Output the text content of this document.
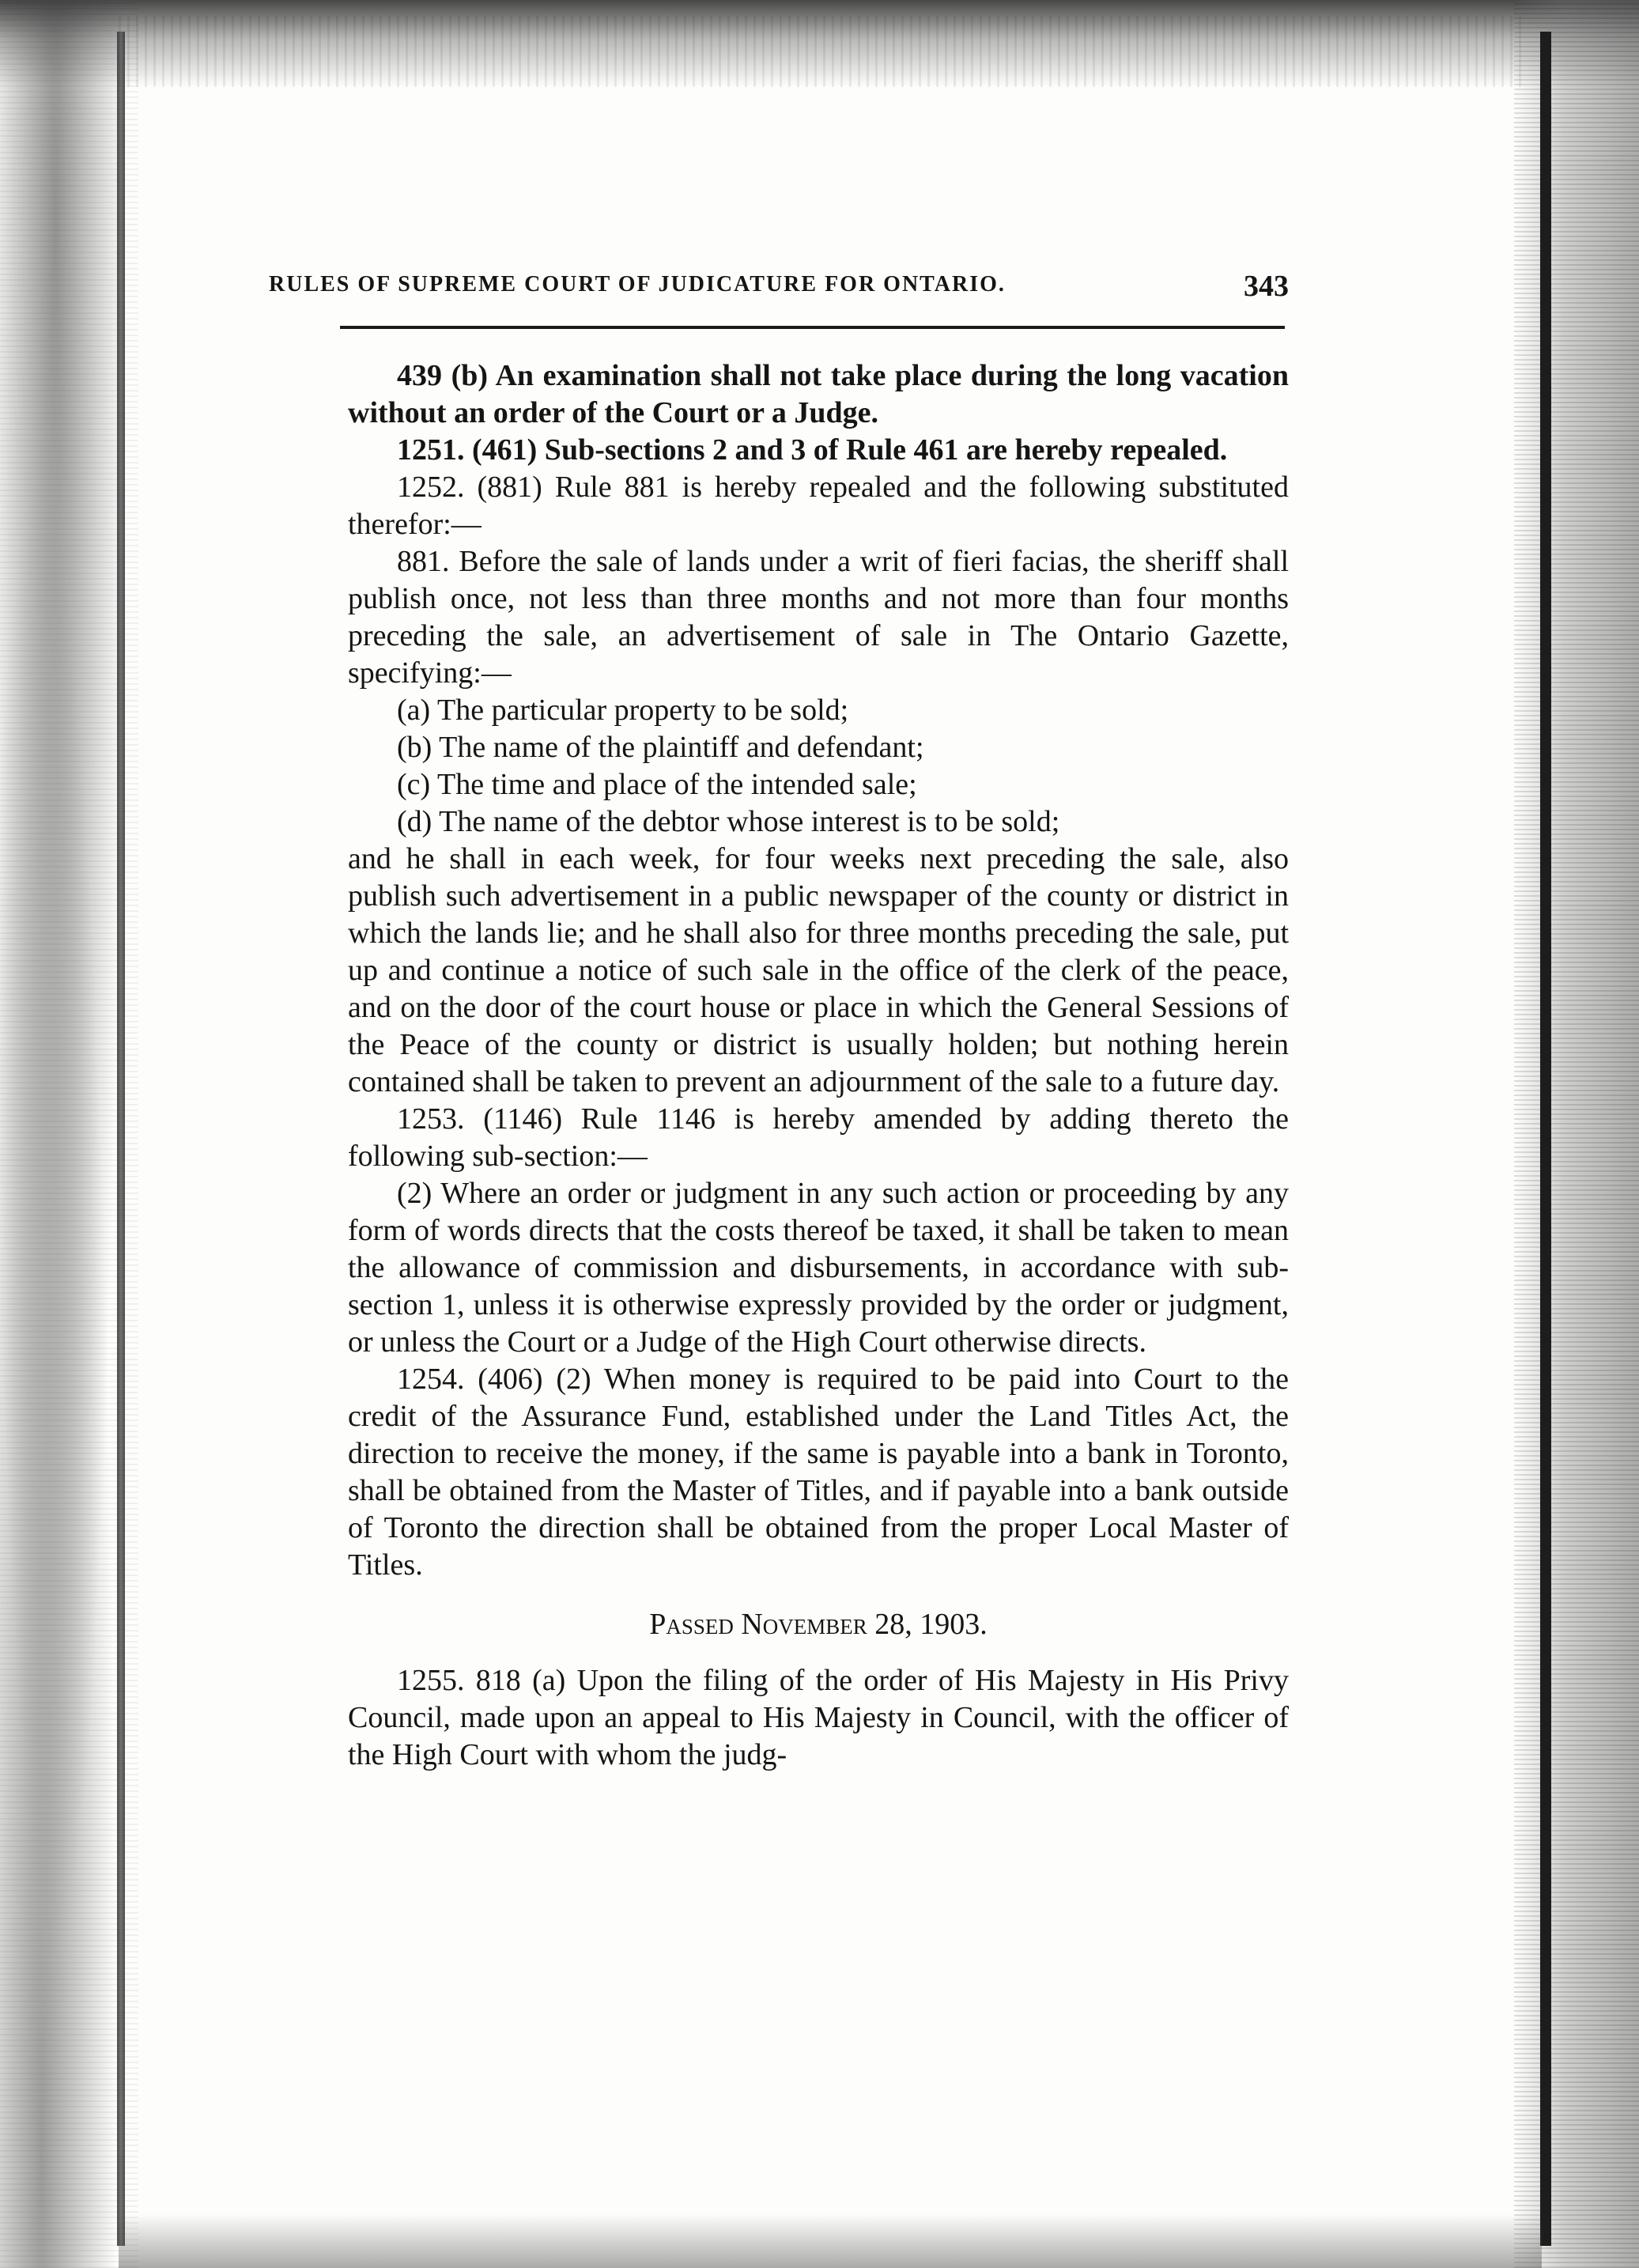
RULES OF SUPREME COURT OF JUDICATURE FOR ONTARIO.	343

439 (b) An examination shall not take place during the long vacation without an order of the Court or a Judge.

1251. (461) Sub-sections 2 and 3 of Rule 461 are hereby repealed.

1252. (881) Rule 881 is hereby repealed and the following substituted therefor:—

881. Before the sale of lands under a writ of fieri facias, the sheriff shall publish once, not less than three months and not more than four months preceding the sale, an advertisement of sale in The Ontario Gazette, specifying:—

(a) The particular property to be sold;

(b) The name of the plaintiff and defendant;

(c) The time and place of the intended sale;

(d) The name of the debtor whose interest is to be sold;

and he shall in each week, for four weeks next preceding the sale, also publish such advertisement in a public newspaper of the county or district in which the lands lie; and he shall also for three months preceding the sale, put up and continue a notice of such sale in the office of the clerk of the peace, and on the door of the court house or place in which the General Sessions of the Peace of the county or district is usually holden; but nothing herein contained shall be taken to prevent an adjournment of the sale to a future day.

1253. (1146) Rule 1146 is hereby amended by adding thereto the following sub-section:—

(2) Where an order or judgment in any such action or proceeding by any form of words directs that the costs thereof be taxed, it shall be taken to mean the allowance of commission and disbursements, in accordance with sub-section 1, unless it is otherwise expressly provided by the order or judgment, or unless the Court or a Judge of the High Court otherwise directs.

1254. (406) (2) When money is required to be paid into Court to the credit of the Assurance Fund, established under the Land Titles Act, the direction to receive the money, if the same is payable into a bank in Toronto, shall be obtained from the Master of Titles, and if payable into a bank outside of Toronto the direction shall be obtained from the proper Local Master of Titles.

Passed November 28, 1903.

1255. 818 (a) Upon the filing of the order of His Majesty in His Privy Council, made upon an appeal to His Majesty in Council, with the officer of the High Court with whom the judg-
